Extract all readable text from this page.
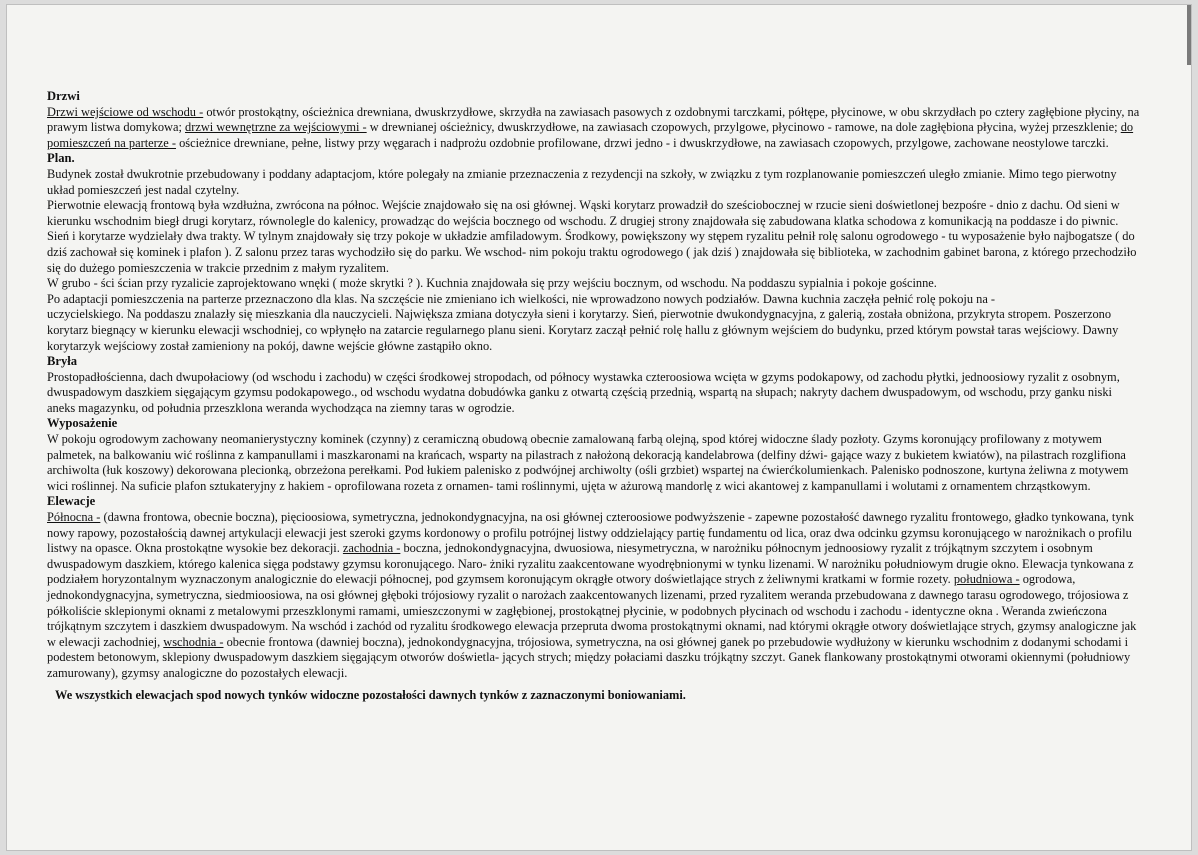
Drzwi

Drzwi wejściowe od wschodu - otwór prostokątny, ościeżnica drewniana, dwuskrzydłowe, skrzydła na zawiasach pasowych z ozdobnymi tarczkami, półtępe, płycinowe, w obu skrzydłach po cztery zagłębione płyciny, na prawym listwa domykowa; drzwi wewnętrzne za wejściowymi - w drewnianej ościeżnicy, dwuskrzydłowe, na zawiasach czopowych, przylgowe, płycinowo - ramowe, na dole zagłębiona płycina, wyżej przeszklenie; do pomieszczeń na parterze - ościeżnice drewniane, pełne, listwy przy węgarach i nadprożu ozdobnie profilowane, drzwi jedno - i dwuskrzydłowe, na zawiasach czopowych, przylgowe, zachowane neostylowe tarczki.

Plan.

Budynek został dwukrotnie przebudowany i poddany adaptacjom, które polegały na zmianie przeznaczenia z rezydencji na szkoły, w związku z tym rozplanowanie pomieszczeń uległo zmianie. Mimo tego pierwotny układ pomieszczeń jest nadal czytelny.

Pierwotnie elewacją frontową była wzdłużna, zwrócona na północ. Wejście znajdowało się na osi głównej. Wąski korytarz prowadził do sześciobocznej w rzucie sieni doświetlonej bezpośre - dnio z dachu. Od sieni w kierunku wschodnim biegł drugi korytarz, równolegle do kalenicy, prowadząc do wejścia bocznego od wschodu. Z drugiej strony znajdowała się zabudowana klatka schodowa z komunikacją na poddasze i do piwnic. Sień i korytarze wydzielały dwa trakty. W tylnym znajdowały się trzy pokoje w układzie amfiladowym. Środkowy, powiększony wy stępem ryzalitu pełnił rolę salonu ogrodowego - tu wyposażenie było najbogatsze ( do dziś zachował się kominek i plafon ). Z salonu przez taras wychodziło się do parku. We wschod- nim pokoju traktu ogrodowego ( jak dziś ) znajdowała się biblioteka, w zachodnim gabinet barona, z którego przechodziło się do dużego pomieszczenia w trakcie przednim z małym ryzalitem.

W grubo - ści ścian przy ryzalicie zaprojektowano wnęki ( może skrytki ? ). Kuchnia znajdowała się przy wejściu bocznym, od wschodu. Na poddaszu sypialnia i pokoje gościnne.

Po adaptacji pomieszczenia na parterze przeznaczono dla klas. Na szczęście nie zmieniano ich wielkości, nie wprowadzono nowych podziałów. Dawna kuchnia zaczęła pełnić rolę pokoju na -

uczycielskiego. Na poddaszu znalazły się mieszkania dla nauczycieli. Największa zmiana dotyczyła sieni i korytarzy. Sień, pierwotnie dwukondygnacyjna, z galerią, została obniżona, przykryta stropem. Poszerzono korytarz biegnący w kierunku elewacji wschodniej, co wpłynęło na zatarcie regularnego planu sieni. Korytarz zaczął pełnić rolę hallu z głównym wejściem do budynku, przed którym powstał taras wejściowy. Dawny korytarzyk wejściowy został zamieniony na pokój, dawne wejście główne zastąpiło okno.

Bryła

Prostopadłościenna, dach dwupołaciowy (od wschodu i zachodu) w części środkowej stropodach, od północy wystawka czteroosiowa wcięta w gzyms podokapowy, od zachodu płytki, jednoosiowy ryzalit z osobnym, dwuspadowym daszkiem sięgającym gzymsu podokapowego., od wschodu wydatna dobudówka ganku z otwartą częścią przednią, wspartą na słupach; nakryty dachem dwuspadowym, od wschodu, przy ganku niski aneks magazynku, od południa przeszklona weranda wychodząca na ziemny taras w ogrodzie.

Wyposażenie

W pokoju ogrodowym zachowany neomanierystyczny kominek (czynny) z ceramiczną obudową obecnie zamalowaną farbą olejną, spod której widoczne ślady pozłoty. Gzyms koronujący profilowany z motywem palmetek, na balkowaniu wić roślinna z kampanullami i maszkaronami na krańcach, wsparty na pilastrach z nałożoną dekoracją kandelabrowa (delfiny dźwi- gające wazy z bukietem kwiatów), na pilastrach rozglifiona archiwolta (łuk koszowy) dekorowana plecionką, obrzeżona perełkami. Pod łukiem palenisko z podwójnej archiwolty (ośli grzbiet) wspartej na ćwierćkolumienkach. Palenisko podnoszone, kurtyna żeliwna z motywem wici roślinnej. Na suficie plafon sztukateryjny z hakiem - oprofilowana rozeta z ornamen- tami roślinnymi, ujęta w ażurową mandorlę z wici akantowej z kampanullami i wolutami z ornamentem chrząstkowym.

Elewacje

Północna - (dawna frontowa, obecnie boczna), pięcioosiowa, symetryczna, jednokondygnacyjna, na osi głównej czteroosiowe podwyższenie - zapewne pozostałość dawnego ryzalitu frontowego, gładko tynkowana, tynk nowy rapowy, pozostałością dawnej artykulacji elewacji jest szeroki gzyms kordonowy o profilu potrójnej listwy oddzielający partię fundamentu od lica, oraz dwa odcinku gzymsu koronującego w narożnikach o profilu listwy na opasce. Okna prostokątne wysokie bez dekoracji. zachodnia - boczna, jednokondygnacyjna, dwuosiowa, niesymetryczna, w narożniku północnym jednoosiowy ryzalit z trójkątnym szczytem i osobnym dwuspadowym daszkiem, którego kalenica sięga podstawy gzymsu koronującego. Naro- żniki ryzalitu zaakcentowane wyodrębnionymi w tynku lizenami. W narożniku południowym drugie okno. Elewacja tynkowana z podziałem horyzontalnym wyznaczonym analogicznie do elewacji północnej, pod gzymsem koronującym okrągłe otwory doświetlające strych z żeliwnymi kratkami w formie rozety. południowa - ogrodowa, jednokondygnacyjna, symetryczna, siedmioosiowa, na osi głównej głęboki trójosiowy ryzalit o narożach zaakcentowanych lizenami, przed ryzalitem weranda przebudowana z dawnego tarasu ogrodowego, trójosiowa z półkoliście sklepionymi oknami z metalowymi przeszklonymi ramami, umieszczonymi w zagłębionej, prostokątnej płycinie, w podobnych płycinach od wschodu i zachodu - identyczne okna . Weranda zwieńczona trójkątnym szczytem i daszkiem dwuspadowym. Na wschód i zachód od ryzalitu środkowego elewacja przepruta dwoma prostokątnymi oknami, nad którymi okrągłe otwory doświetlające strych, gzymsy analogiczne jak w elewacji zachodniej, wschodnia - obecnie frontowa (dawniej boczna), jednokondygnacyjna, trójosiowa, symetryczna, na osi głównej ganek po przebudowie wydłużony w kierunku wschodnim z dodanymi schodami i podestem betonowym, sklepiony dwuspadowym daszkiem sięgającym otworów doświetla- jących strych; między połaciami daszku trójkątny szczyt. Ganek flankowany prostokątnymi otworami okiennymi (południowy zamurowany), gzymsy analogiczne do pozostałych elewacji.

We wszystkich elewacjach spod nowych tynków widoczne pozostałości dawnych tynków z zaznaczonymi boniowaniami.
